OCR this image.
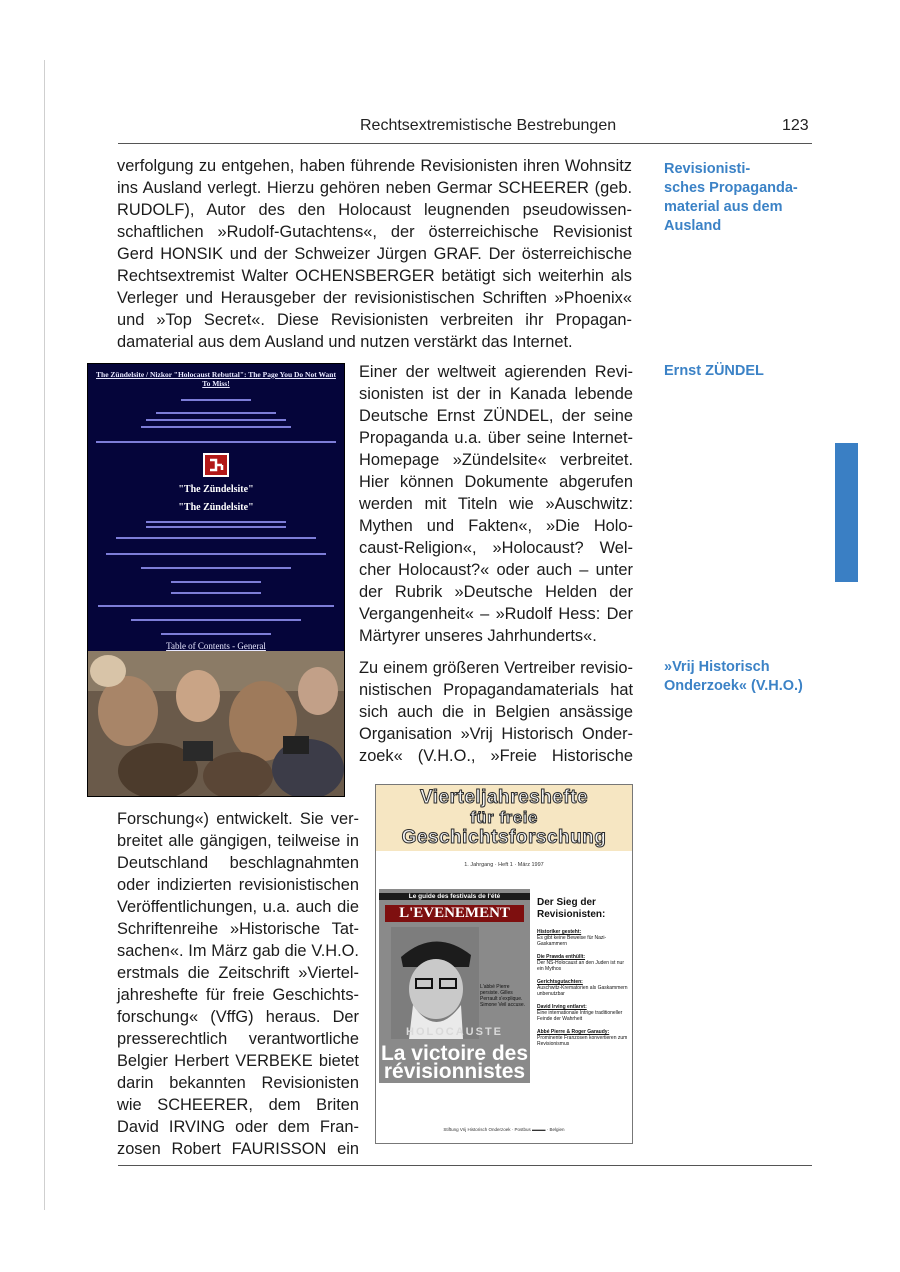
Rechtsextremistische Bestrebungen	123
verfolgung zu entgehen, haben führende Revisionisten ihren Wohnsitz
ins Ausland verlegt. Hierzu gehören neben Germar SCHEERER (geb.
RUDOLF), Autor des den Holocaust leugnenden pseudowissen-
schaftlichen »Rudolf-Gutachtens«, der österreichische Revisionist
Gerd HONSIK und der Schweizer Jürgen GRAF. Der österreichische
Rechtsextremist Walter OCHENSBERGER betätigt sich weiterhin als
Verleger und Herausgeber der revisionistischen Schriften »Phoenix«
und »Top Secret«. Diese Revisionisten verbreiten ihr Propagan-
damaterial aus dem Ausland und nutzen verstärkt das Internet.
Revisionisti-
sches Propaganda-
material aus dem
Ausland
Ernst ZÜNDEL
»Vrij Historisch
Onderzoek« (V.H.O.)
The Zündelsite / Nizkor "Holocaust Rebuttal": The Page You Do Not Want To Miss!
"The Zündelsite"
"The Zündelsite"
Table of Contents - General
Einer der weltweit agierenden Revi-
sionisten ist der in Kanada lebende
Deutsche Ernst ZÜNDEL, der seine
Propaganda u.a. über seine Internet-
Homepage »Zündelsite« verbreitet.
Hier können Dokumente abgerufen
werden mit Titeln wie »Auschwitz:
Mythen und Fakten«, »Die Holo-
caust-Religion«, »Holocaust? Wel-
cher Holocaust?« oder auch – unter
der Rubrik »Deutsche Helden der
Vergangenheit« – »Rudolf Hess: Der
Märtyrer unseres Jahrhunderts«.
Zu einem größeren Vertreiber revisio-
nistischen Propagandamaterials hat
sich auch die in Belgien ansässige
Organisation »Vrij Historisch Onder-
zoek« (V.H.O., »Freie Historische
Forschung«) entwickelt. Sie ver-
breitet alle gängigen, teilweise in
Deutschland beschlagnahmten
oder indizierten revisionistischen
Veröffentlichungen, u.a. auch die
Schriftenreihe »Historische Tat-
sachen«. Im März gab die V.H.O.
erstmals die Zeitschrift »Viertel-
jahreshefte für freie Geschichts-
forschung« (VffG) heraus. Der
presserechtlich verantwortliche
Belgier Herbert VERBEKE bietet
darin bekannten Revisionisten
wie SCHEERER, dem Briten
David IRVING oder dem Fran-
zosen Robert FAURISSON ein
Vierteljahreshefte
für freie
Geschichtsforschung
1. Jahrgang · Heft 1 · März 1997
Le guide des festivals de l'été
L'EVENEMENT
L'abbé Pierre persiste. Gilles Perrault s'explique. Simone Veil accuse.
HOLOCAUSTE
La victoire des
révisionnistes
Der Sieg der Revisionisten:

Historiker gesteht:
Es gibt keine Beweise für Nazi-Gaskammern

Die Prawda enthüllt:
Der NS-Holocaust an den Juden ist nur ein Mythos

Gerichtsgutachten:
Auschwitz-Krematorien als Gaskammern unbenutzbar

David Irving entlarvt:
Eine internationale Intrige traditioneller Feinde der Wahrheit

Abbé Pierre & Roger Garaudy:
Prominente Franzosen konvertieren zum Revisionismus

Stiftung Vrij Historisch Onderzoek · Postbus ▬▬▬ · Belgien
